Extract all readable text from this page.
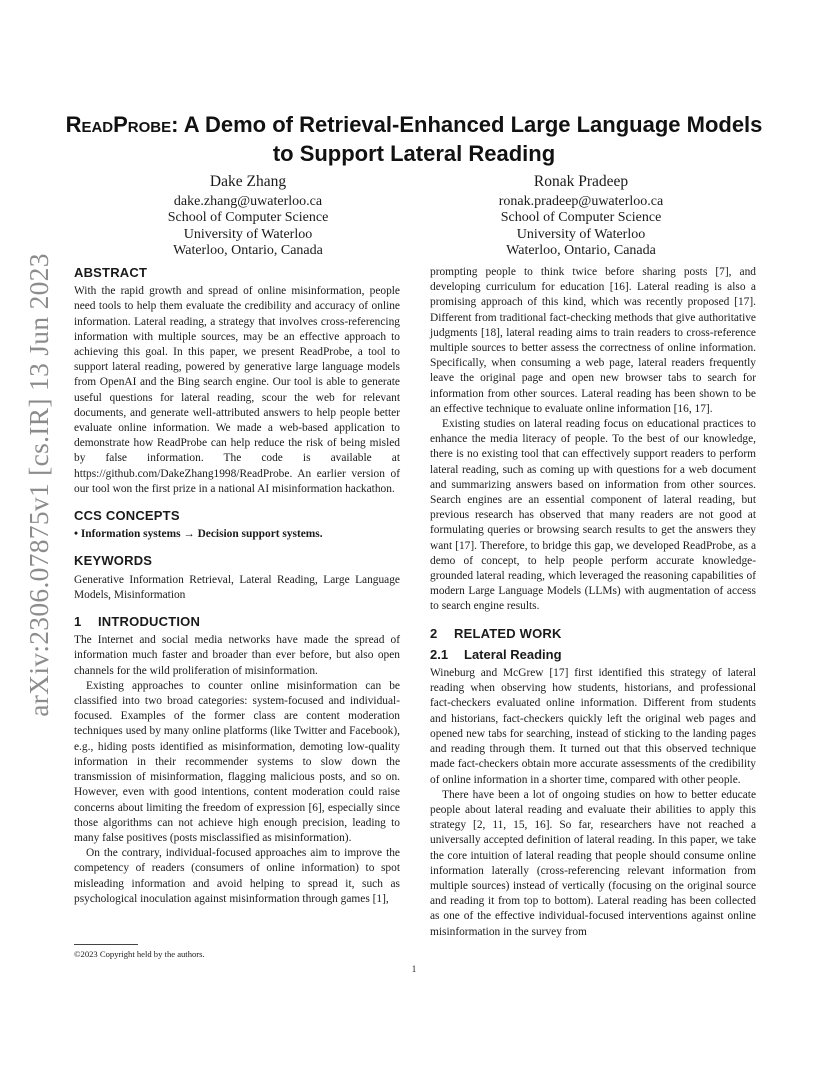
arXiv:2306.07875v1 [cs.IR] 13 Jun 2023
ReadProbe: A Demo of Retrieval-Enhanced Large Language Models to Support Lateral Reading
Dake Zhang
dake.zhang@uwaterloo.ca
School of Computer Science
University of Waterloo
Waterloo, Ontario, Canada
Ronak Pradeep
ronak.pradeep@uwaterloo.ca
School of Computer Science
University of Waterloo
Waterloo, Ontario, Canada
ABSTRACT

With the rapid growth and spread of online misinformation, people need tools to help them evaluate the credibility and accuracy of online information. Lateral reading, a strategy that involves cross-referencing information with multiple sources, may be an effective approach to achieving this goal. In this paper, we present ReadProbe, a tool to support lateral reading, powered by generative large language models from OpenAI and the Bing search engine. Our tool is able to generate useful questions for lateral reading, scour the web for relevant documents, and generate well-attributed answers to help people better evaluate online information. We made a web-based application to demonstrate how ReadProbe can help reduce the risk of being misled by false information. The code is available at https://github.com/DakeZhang1998/ReadProbe. An earlier version of our tool won the first prize in a national AI misinformation hackathon.

CCS CONCEPTS

• Information systems → Decision support systems.

KEYWORDS

Generative Information Retrieval, Lateral Reading, Large Language Models, Misinformation

1 INTRODUCTION

The Internet and social media networks have made the spread of information much faster and broader than ever before, but also open channels for the wild proliferation of misinformation.

Existing approaches to counter online misinformation can be classified into two broad categories: system-focused and individual-focused. Examples of the former class are content moderation techniques used by many online platforms (like Twitter and Facebook), e.g., hiding posts identified as misinformation, demoting low-quality information in their recommender systems to slow down the transmission of misinformation, flagging malicious posts, and so on. However, even with good intentions, content moderation could raise concerns about limiting the freedom of expression [6], especially since those algorithms can not achieve high enough precision, leading to many false positives (posts misclassified as misinformation).

On the contrary, individual-focused approaches aim to improve the competency of readers (consumers of online information) to spot misleading information and avoid helping to spread it, such as psychological inoculation against misinformation through games [1],

prompting people to think twice before sharing posts [7], and developing curriculum for education [16]. Lateral reading is also a promising approach of this kind, which was recently proposed [17]. Different from traditional fact-checking methods that give authoritative judgments [18], lateral reading aims to train readers to cross-reference multiple sources to better assess the correctness of online information. Specifically, when consuming a web page, lateral readers frequently leave the original page and open new browser tabs to search for information from other sources. Lateral reading has been shown to be an effective technique to evaluate online information [16, 17].

Existing studies on lateral reading focus on educational practices to enhance the media literacy of people. To the best of our knowledge, there is no existing tool that can effectively support readers to perform lateral reading, such as coming up with questions for a web document and summarizing answers based on information from other sources. Search engines are an essential component of lateral reading, but previous research has observed that many readers are not good at formulating queries or browsing search results to get the answers they want [17]. Therefore, to bridge this gap, we developed ReadProbe, as a demo of concept, to help people perform accurate knowledge-grounded lateral reading, which leveraged the reasoning capabilities of modern Large Language Models (LLMs) with augmentation of access to search engine results.

2 RELATED WORK
2.1 Lateral Reading

Wineburg and McGrew [17] first identified this strategy of lateral reading when observing how students, historians, and professional fact-checkers evaluated online information. Different from students and historians, fact-checkers quickly left the original web pages and opened new tabs for searching, instead of sticking to the landing pages and reading through them. It turned out that this observed technique made fact-checkers obtain more accurate assessments of the credibility of online information in a shorter time, compared with other people.

There have been a lot of ongoing studies on how to better educate people about lateral reading and evaluate their abilities to apply this strategy [2, 11, 15, 16]. So far, researchers have not reached a universally accepted definition of lateral reading. In this paper, we take the core intuition of lateral reading that people should consume online information laterally (cross-referencing relevant information from multiple sources) instead of vertically (focusing on the original source and reading it from top to bottom). Lateral reading has been collected as one of the effective individual-focused interventions against online misinformation in the survey from

©2023 Copyright held by the authors.
1
